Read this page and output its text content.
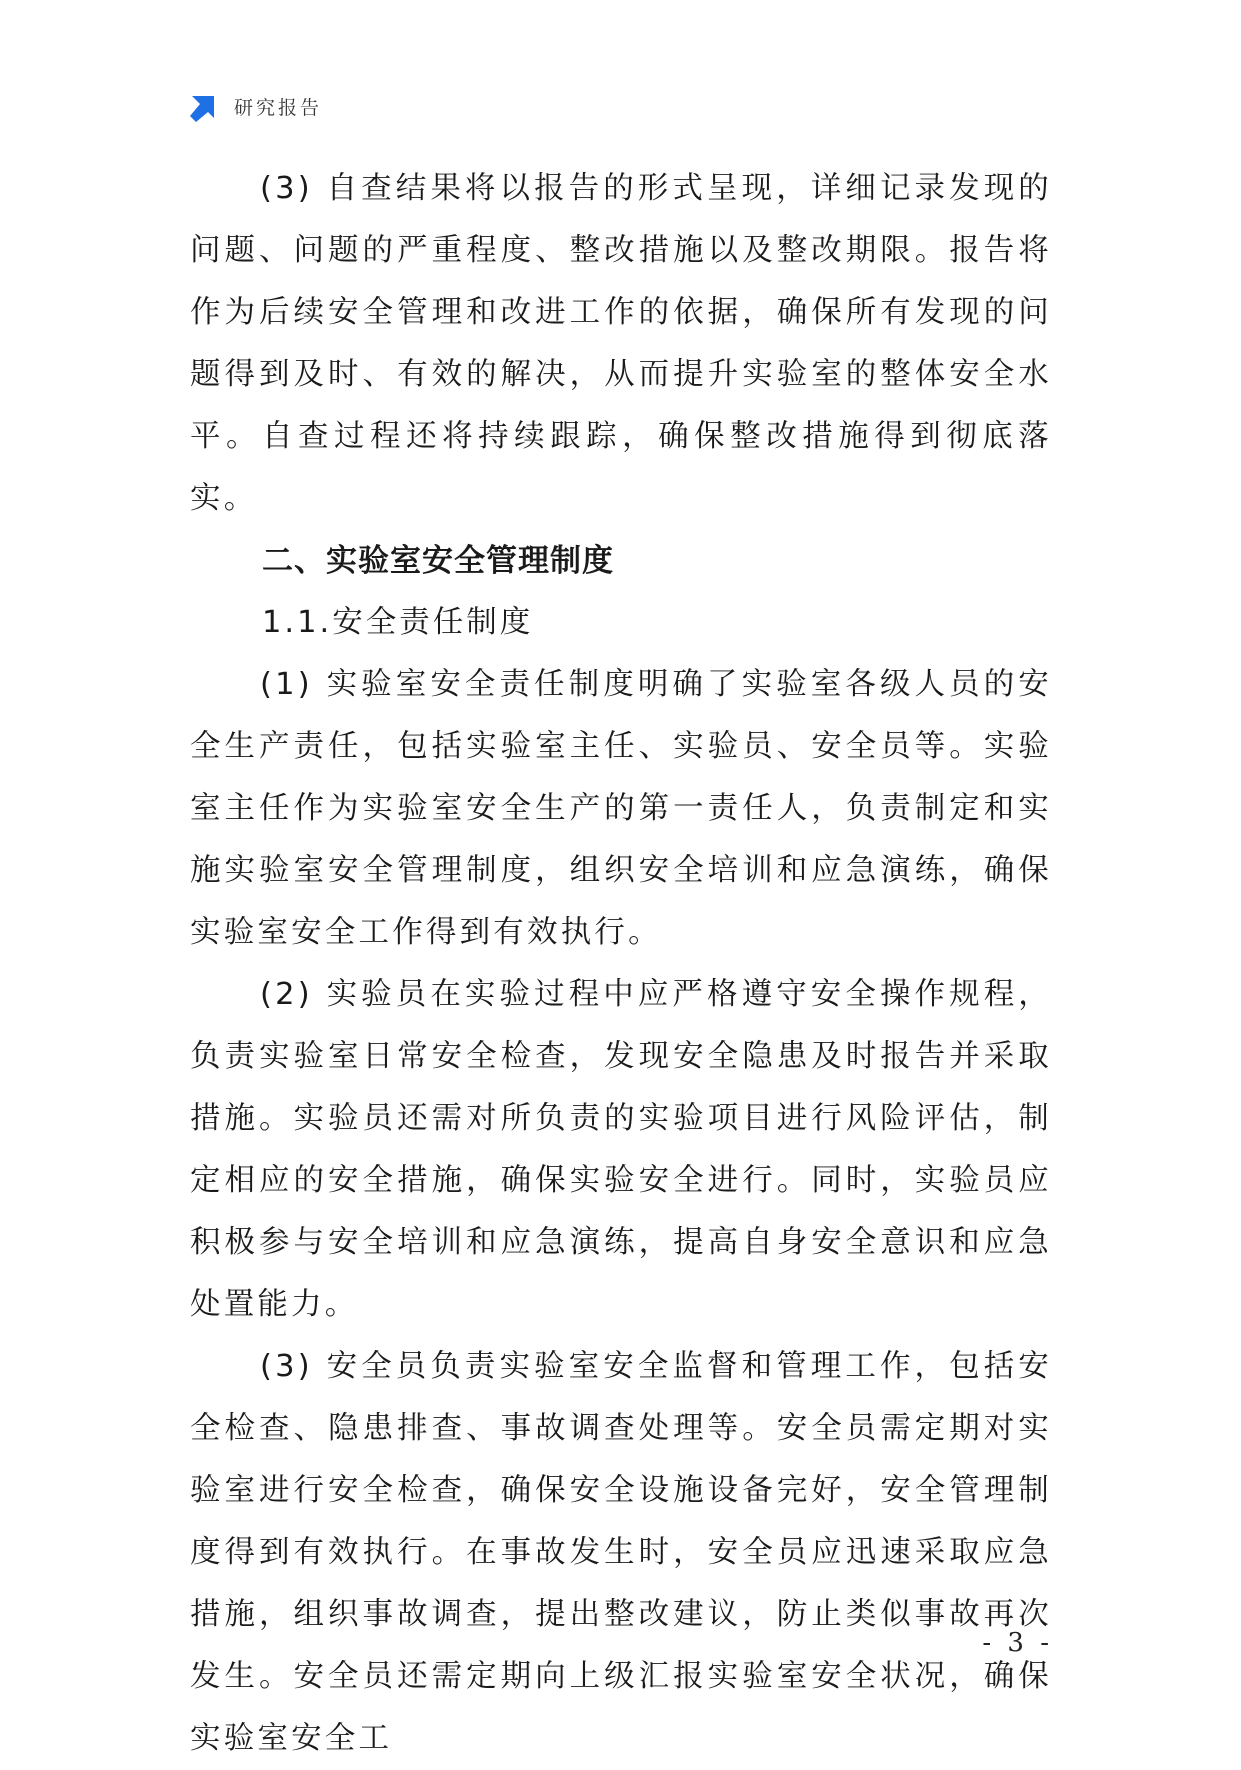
研究报告

(3) 自查结果将以报告的形式呈现，详细记录发现的问题、问题的严重程度、整改措施以及整改期限。报告将作为后续安全管理和改进工作的依据，确保所有发现的问题得到及时、有效的解决，从而提升实验室的整体安全水平。自查过程还将持续跟踪，确保整改措施得到彻底落实。

二、实验室安全管理制度

1.1.安全责任制度

(1) 实验室安全责任制度明确了实验室各级人员的安全生产责任，包括实验室主任、实验员、安全员等。实验室主任作为实验室安全生产的第一责任人，负责制定和实施实验室安全管理制度，组织安全培训和应急演练，确保实验室安全工作得到有效执行。

(2) 实验员在实验过程中应严格遵守安全操作规程，负责实验室日常安全检查，发现安全隐患及时报告并采取措施。实验员还需对所负责的实验项目进行风险评估，制定相应的安全措施，确保实验安全进行。同时，实验员应积极参与安全培训和应急演练，提高自身安全意识和应急处置能力。

(3) 安全员负责实验室安全监督和管理工作，包括安全检查、隐患排查、事故调查处理等。安全员需定期对实验室进行安全检查，确保安全设施设备完好，安全管理制度得到有效执行。在事故发生时，安全员应迅速采取应急措施，组织事故调查，提出整改建议，防止类似事故再次发生。安全员还需定期向上级汇报实验室安全状况，确保实验室安全工

- 3 -
